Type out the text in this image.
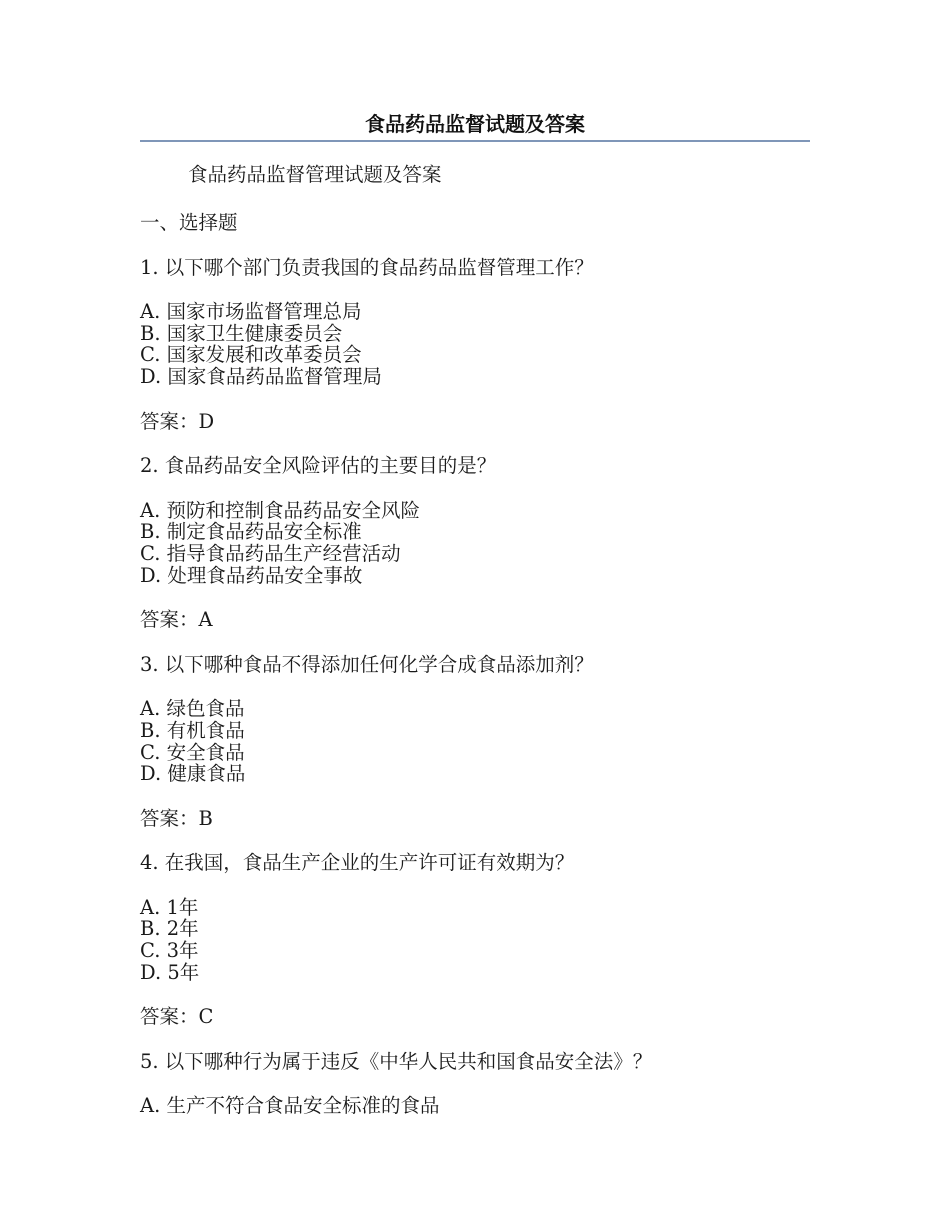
食品药品监督试题及答案
食品药品监督管理试题及答案
一、选择题
1. 以下哪个部门负责我国的食品药品监督管理工作？
A. 国家市场监督管理总局
B. 国家卫生健康委员会
C. 国家发展和改革委员会
D. 国家食品药品监督管理局
答案：D
2. 食品药品安全风险评估的主要目的是？
A. 预防和控制食品药品安全风险
B. 制定食品药品安全标准
C. 指导食品药品生产经营活动
D. 处理食品药品安全事故
答案：A
3. 以下哪种食品不得添加任何化学合成食品添加剂？
A. 绿色食品
B. 有机食品
C. 安全食品
D. 健康食品
答案：B
4. 在我国，食品生产企业的生产许可证有效期为？
A. 1年
B. 2年
C. 3年
D. 5年
答案：C
5. 以下哪种行为属于违反《中华人民共和国食品安全法》？
A. 生产不符合食品安全标准的食品
